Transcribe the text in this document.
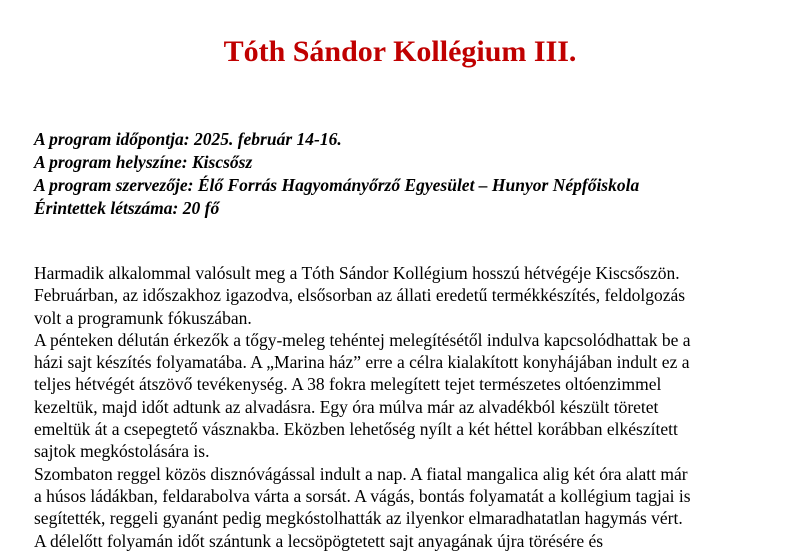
Tóth Sándor Kollégium III.
A program időpontja: 2025. február 14-16.
A program helyszíne: Kiscsősz
A program szervezője: Élő Forrás Hagyományőrző Egyesület – Hunyor Népfőiskola
Érintettek létszáma: 20 fő
Harmadik alkalommal valósult meg a Tóth Sándor Kollégium hosszú hétvégéje Kiscsőszön.
Februárban, az időszakhoz igazodva, elsősorban az állati eredetű termékkészítés, feldolgozás
volt a programunk fókuszában.
A pénteken délután érkezők a tőgy-meleg tehéntej melegítésétől indulva kapcsolódhattak be a
házi sajt készítés folyamatába. A „Marina ház” erre a célra kialakított konyhájában indult ez a
teljes hétvégét átszövő tevékenység. A 38 fokra melegített tejet természetes oltóenzimmel
kezeltük, majd időt adtunk az alvadásra. Egy óra múlva már az alvadékból készült töretet
emeltük át a csepegtető vásznakba. Eközben lehetőség nyílt a két héttel korábban elkészített
sajtok megkóstolására is.
Szombaton reggel közös disznóvágással indult a nap. A fiatal mangalica alig két óra alatt már
a húsos ládákban, feldarabolva várta a sorsát. A vágás, bontás folyamatát a kollégium tagjai is
segítették, reggeli gyanánt pedig megkóstolhatták az ilyenkor elmaradhatatlan hagymás vért.
A délelőtt folyamán időt szántunk a lecsöpögtetett sajt anyagának újra törésére és
